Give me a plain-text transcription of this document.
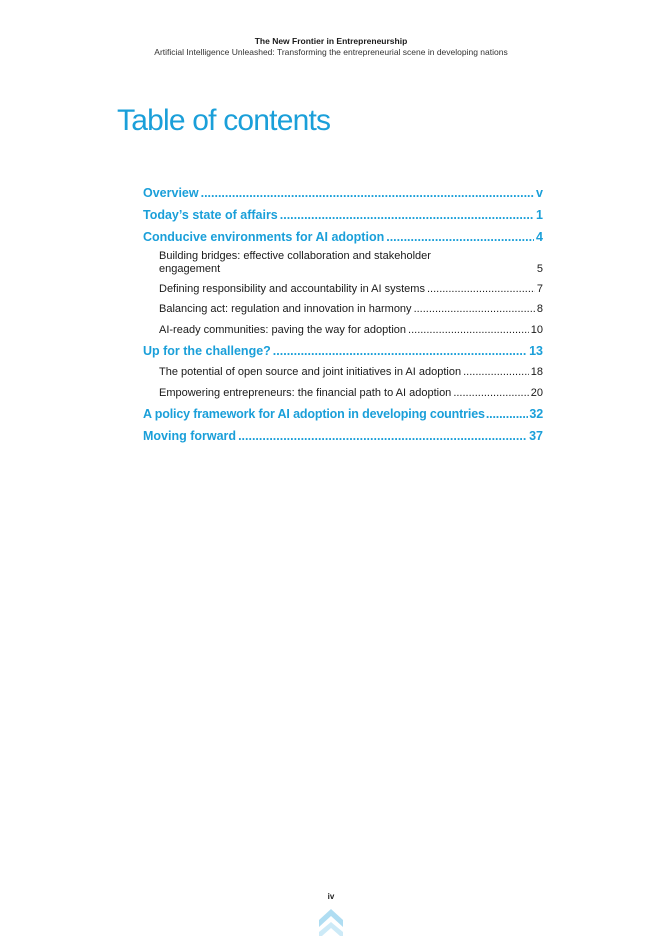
The New Frontier in Entrepreneurship
Artificial Intelligence Unleashed: Transforming the entrepreneurial scene in developing nations
Table of contents
Overview .....	v
Today’s state of affairs .....	1
Conducive environments for AI adoption .....	4
Building bridges: effective collaboration and stakeholder
engagement	5
Defining responsibility and accountability in AI systems .....	7
Balancing act: regulation and innovation in harmony .....	8
AI-ready communities: paving the way for adoption .....	10
Up for the challenge? .....	13
The potential of open source and joint initiatives in AI adoption .....	18
Empowering entrepreneurs: the financial path to AI adoption .....	20
A policy framework for AI adoption in developing countries .....	32
Moving forward .....	37
iv
